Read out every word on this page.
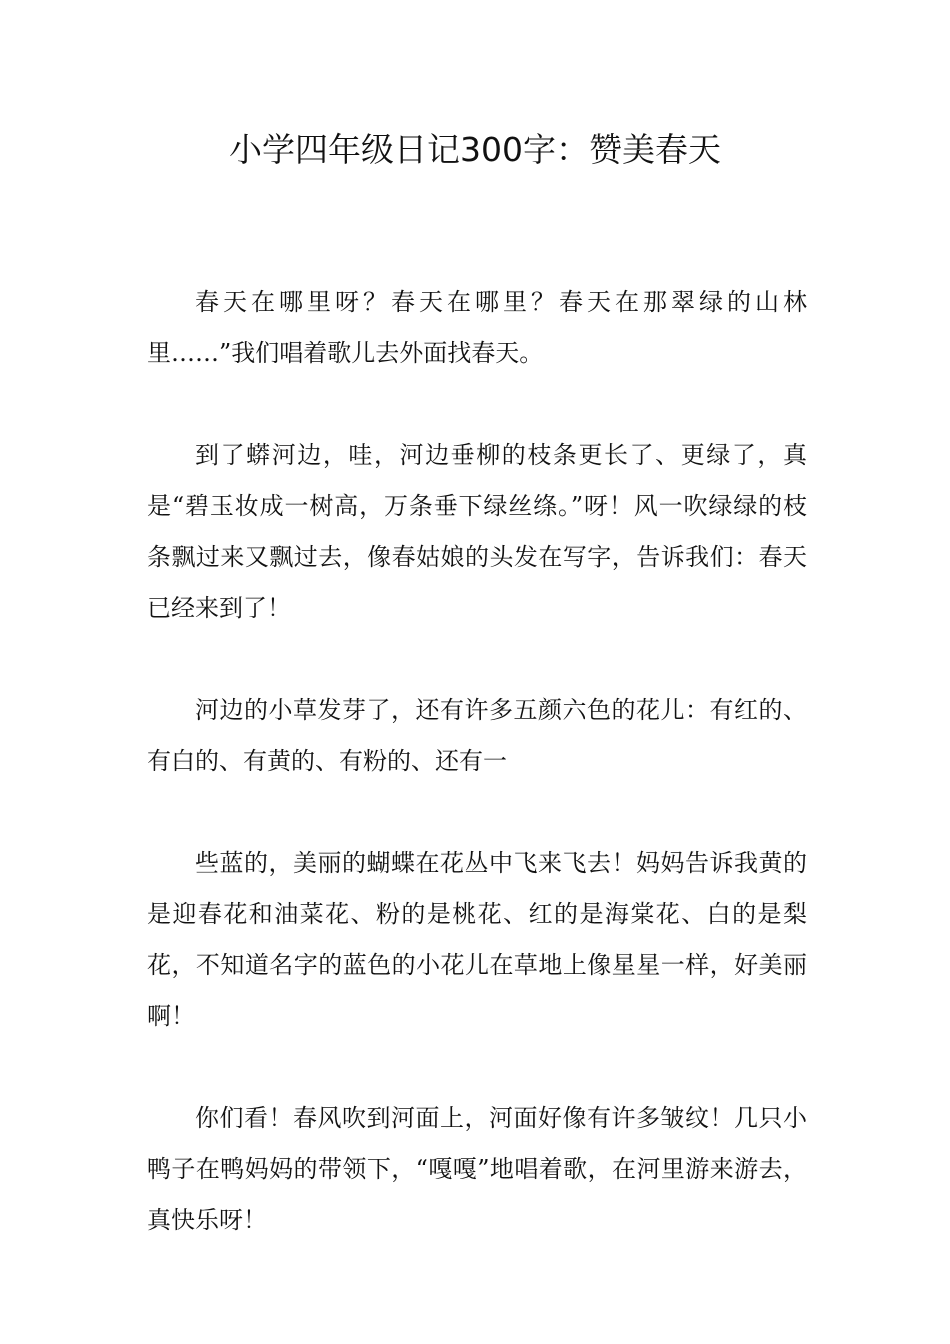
小学四年级日记300字：赞美春天

春天在哪里呀？春天在哪里？春天在那翠绿的山林里……”我们唱着歌儿去外面找春天。

到了蟒河边，哇，河边垂柳的枝条更长了、更绿了，真是“碧玉妆成一树高，万条垂下绿丝绦。”呀！风一吹绿绿的枝条飘过来又飘过去，像春姑娘的头发在写字，告诉我们：春天已经来到了！

河边的小草发芽了，还有许多五颜六色的花儿：有红的、有白的、有黄的、有粉的、还有一

些蓝的，美丽的蝴蝶在花丛中飞来飞去！妈妈告诉我黄的是迎春花和油菜花、粉的是桃花、红的是海棠花、白的是梨花，不知道名字的蓝色的小花儿在草地上像星星一样，好美丽啊！

你们看！春风吹到河面上，河面好像有许多皱纹！几只小鸭子在鸭妈妈的带领下，“嘎嘎”地唱着歌，在河里游来游去，真快乐呀！
